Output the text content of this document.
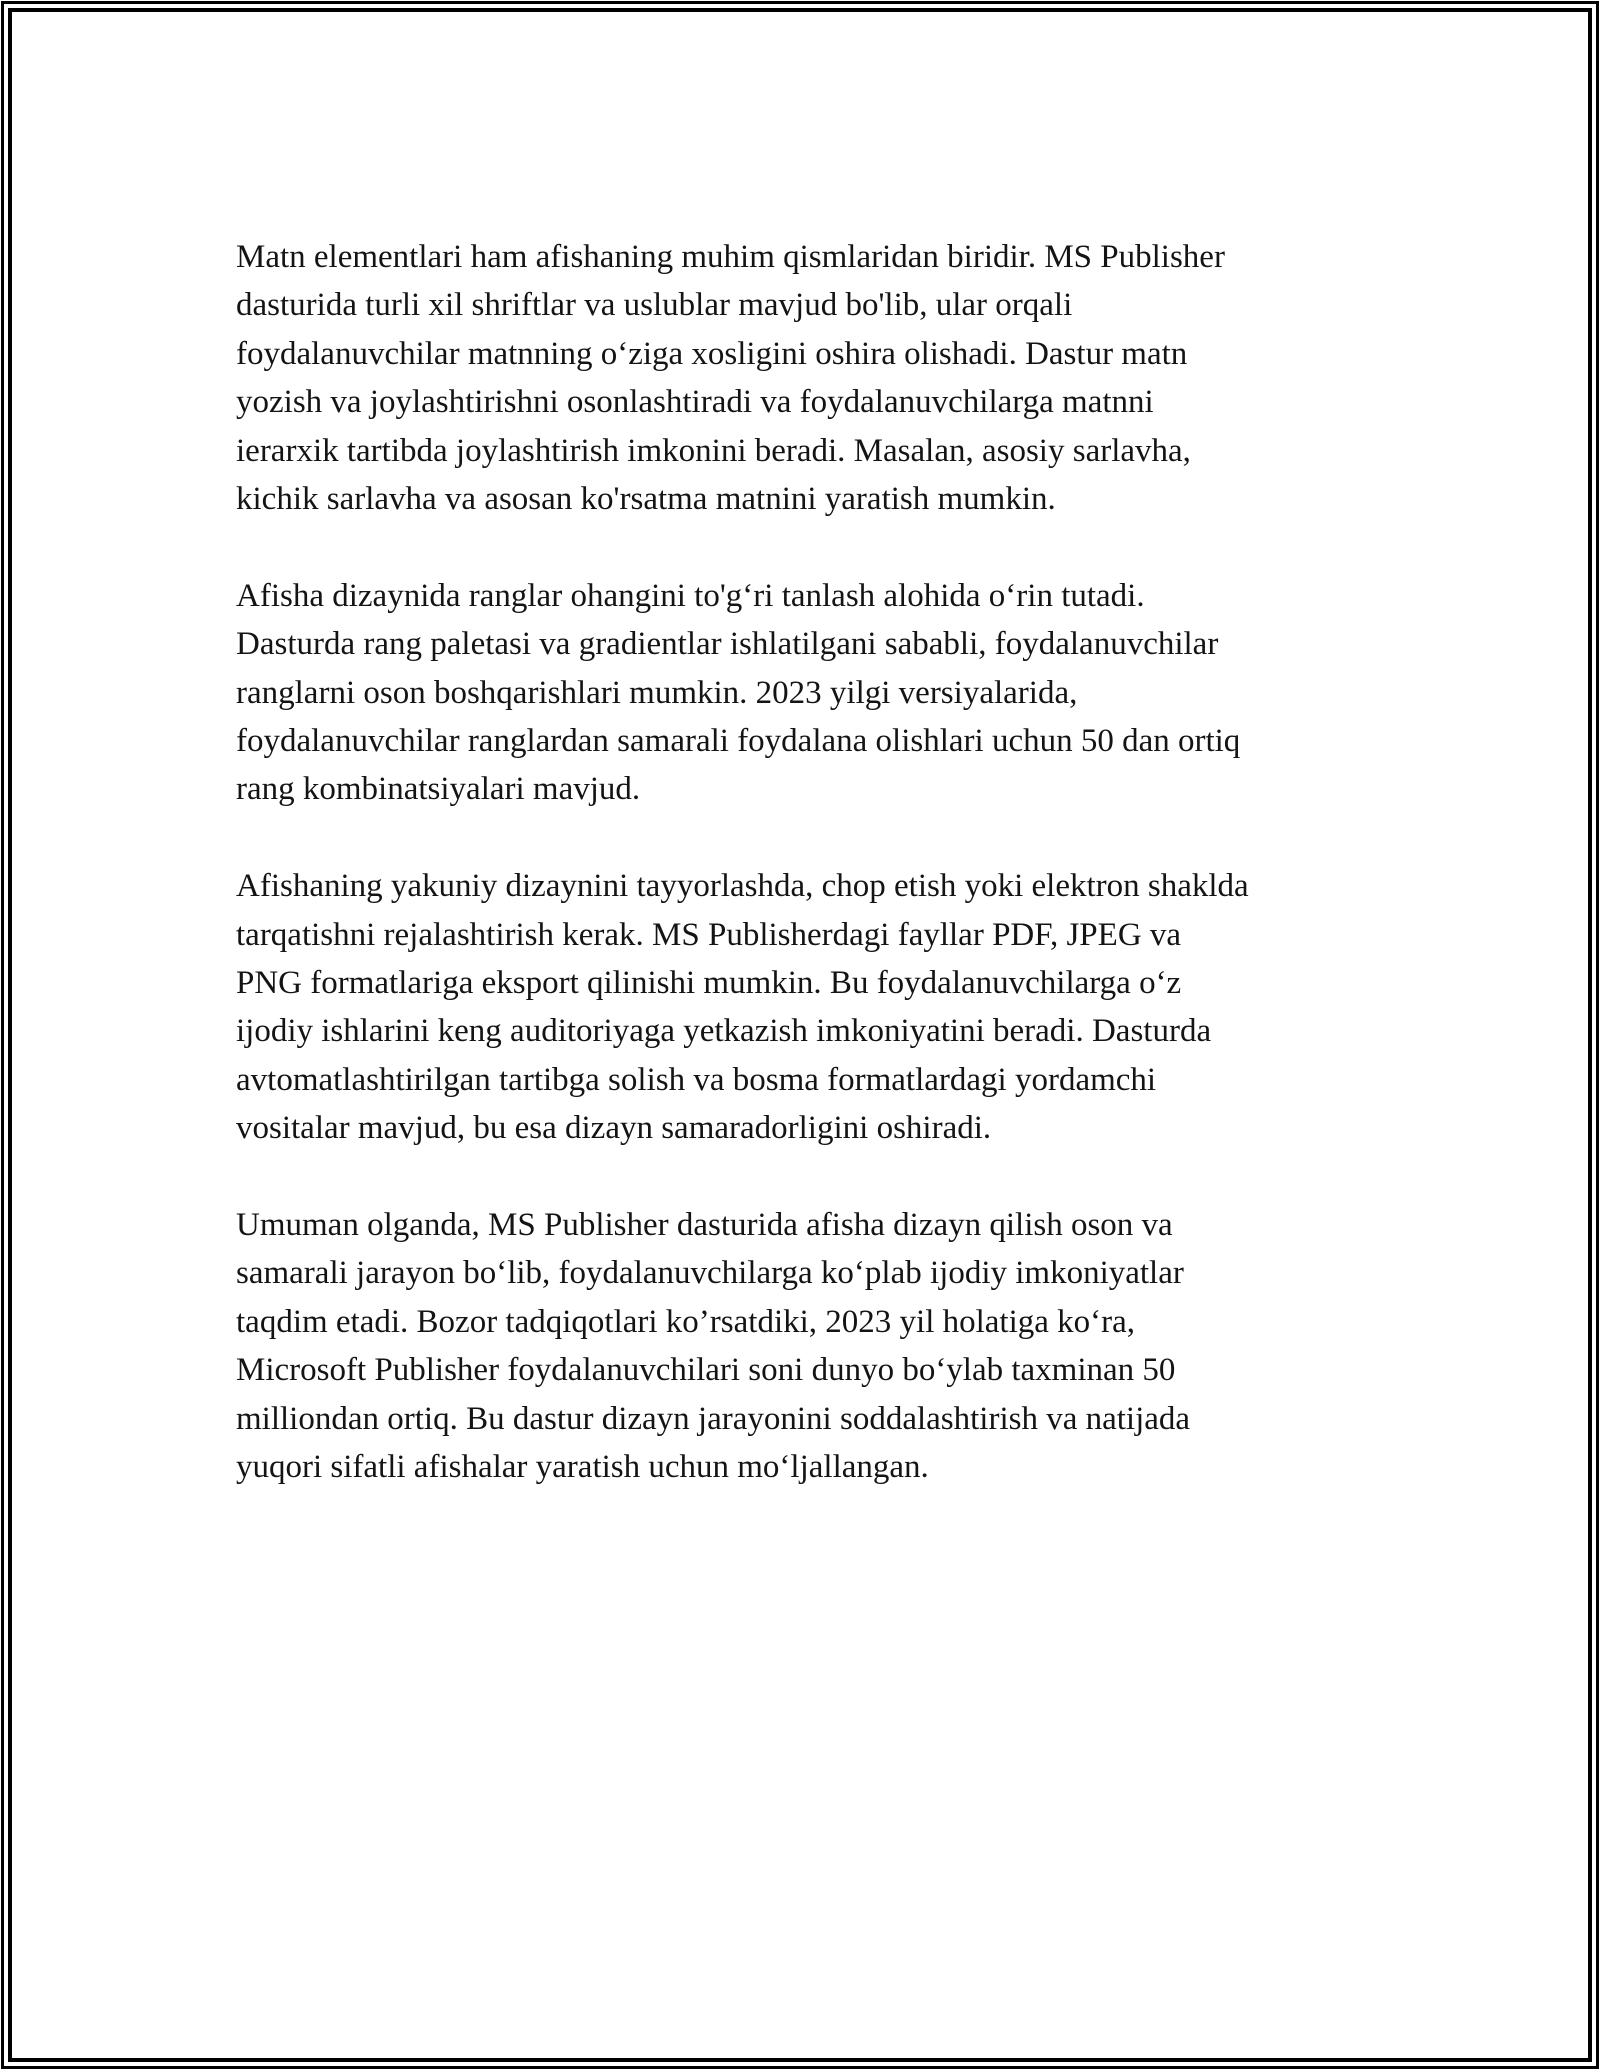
Matn elementlari ham afishaning muhim qismlaridan biridir. MS Publisher
dasturida turli xil shriftlar va uslublar mavjud bo'lib, ular orqali
foydalanuvchilar matnning oʻziga xosligini oshira olishadi. Dastur matn
yozish va joylashtirishni osonlashtiradi va foydalanuvchilarga matnni
ierarxik tartibda joylashtirish imkonini beradi. Masalan, asosiy sarlavha,
kichik sarlavha va asosan ko'rsatma matnini yaratish mumkin.
Afisha dizaynida ranglar ohangini to'gʻri tanlash alohida oʻrin tutadi.
Dasturda rang paletasi va gradientlar ishlatilgani sababli, foydalanuvchilar
ranglarni oson boshqarishlari mumkin. 2023 yilgi versiyalarida,
foydalanuvchilar ranglardan samarali foydalana olishlari uchun 50 dan ortiq
rang kombinatsiyalari mavjud.
Afishaning yakuniy dizaynini tayyorlashda, chop etish yoki elektron shaklda
tarqatishni rejalashtirish kerak. MS Publisherdagi fayllar PDF, JPEG va
PNG formatlariga eksport qilinishi mumkin. Bu foydalanuvchilarga oʻz
ijodiy ishlarini keng auditoriyaga yetkazish imkoniyatini beradi. Dasturda
avtomatlashtirilgan tartibga solish va bosma formatlardagi yordamchi
vositalar mavjud, bu esa dizayn samaradorligini oshiradi.
Umuman olganda, MS Publisher dasturida afisha dizayn qilish oson va
samarali jarayon boʻlib, foydalanuvchilarga koʻplab ijodiy imkoniyatlar
taqdim etadi. Bozor tadqiqotlari ko’rsatdiki, 2023 yil holatiga koʻra,
Microsoft Publisher foydalanuvchilari soni dunyo boʻylab taxminan 50
milliondan ortiq. Bu dastur dizayn jarayonini soddalashtirish va natijada
yuqori sifatli afishalar yaratish uchun moʻljallangan.
